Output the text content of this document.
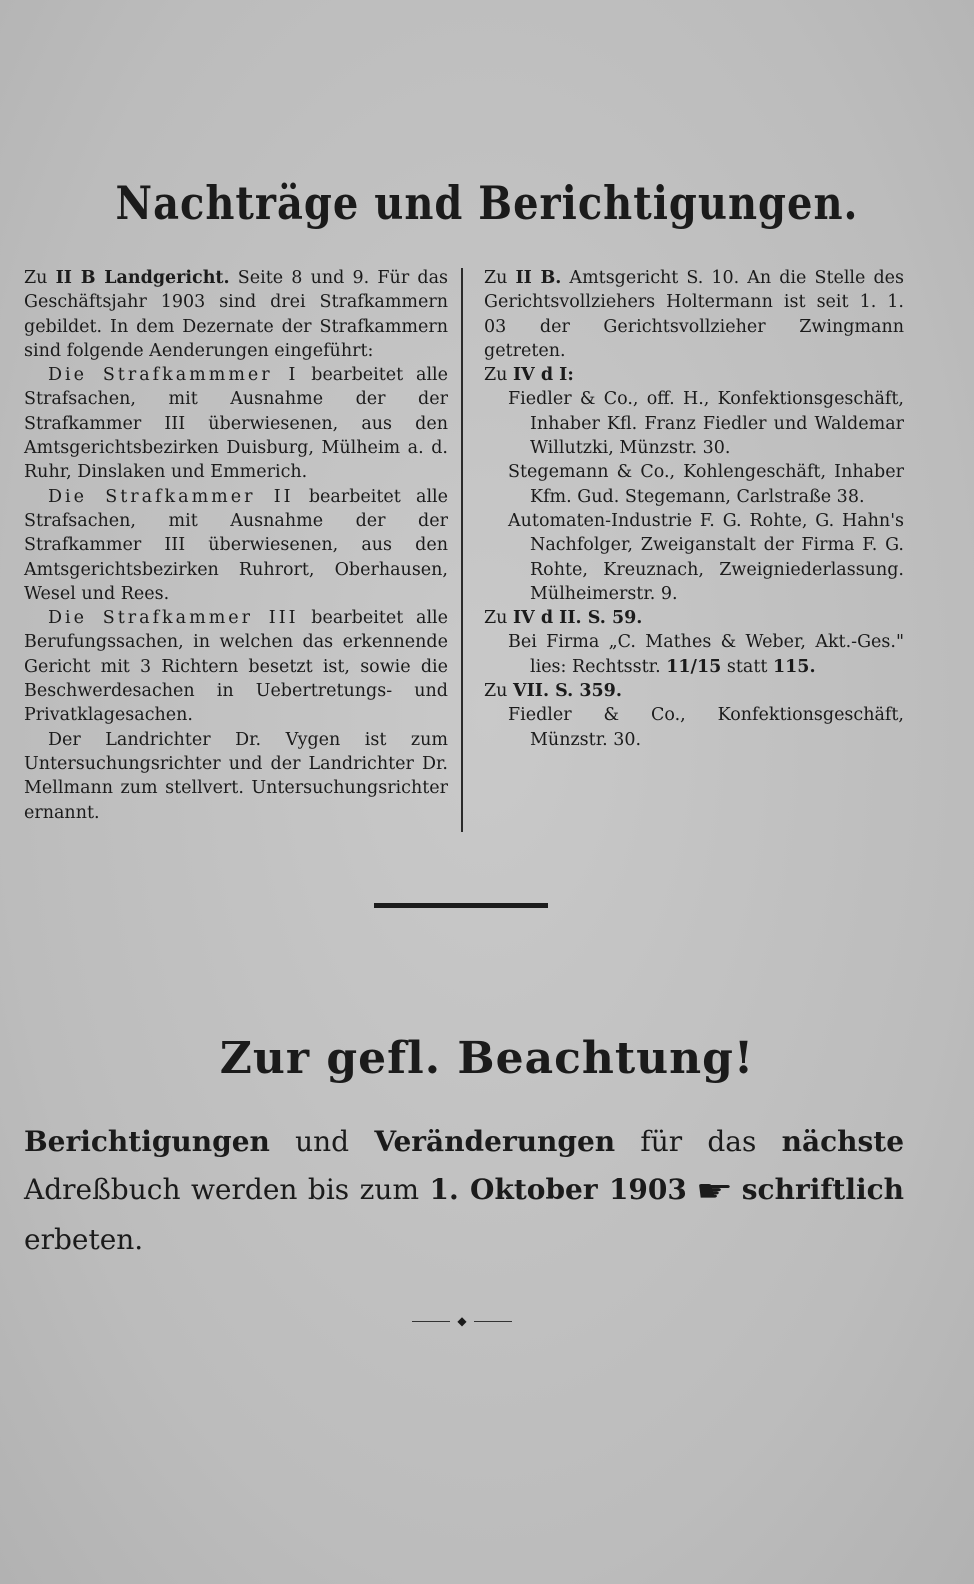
Nachträge und Berichtigungen.

Zu II B Landgericht. Seite 8 und 9. Für das Geschäftsjahr 1903 sind drei Strafkammern gebildet. In dem Dezernate der Strafkammern sind folgende Aenderungen eingeführt:

Die Strafkammmer I bearbeitet alle Strafsachen, mit Ausnahme der der Strafkammer III überwiesenen, aus den Amtsgerichtsbezirken Duisburg, Mülheim a. d. Ruhr, Dinslaken und Emmerich.

Die Strafkammer II bearbeitet alle Strafsachen, mit Ausnahme der der Strafkammer III überwiesenen, aus den Amtsgerichtsbezirken Ruhrort, Oberhausen, Wesel und Rees.

Die Strafkammer III bearbeitet alle Berufungssachen, in welchen das erkennende Gericht mit 3 Richtern besetzt ist, sowie die Beschwerdesachen in Uebertretungs- und Privatklagesachen.

Der Landrichter Dr. Vygen ist zum Untersuchungsrichter und der Landrichter Dr. Mellmann zum stellvert. Untersuchungsrichter ernannt.

Zu II B. Amtsgericht S. 10. An die Stelle des Gerichtsvollziehers Holtermann ist seit 1. 1. 03 der Gerichtsvollzieher Zwingmann getreten.

Zu IV d I:

Fiedler & Co., off. H., Konfektionsgeschäft, Inhaber Kfl. Franz Fiedler und Waldemar Willutzki, Münzstr. 30.

Stegemann & Co., Kohlengeschäft, Inhaber Kfm. Gud. Stegemann, Carlstraße 38.

Automaten-Industrie F. G. Rohte, G. Hahn's Nachfolger, Zweiganstalt der Firma F. G. Rohte, Kreuznach, Zweigniederlassung. Mülheimerstr. 9.

Zu IV d II. S. 59.

Bei Firma „C. Mathes & Weber, Akt.-Ges." lies: Rechtsstr. 11/15 statt 115.

Zu VII. S. 359.

Fiedler & Co., Konfektionsgeschäft, Münzstr. 30.

Zur gefl. Beachtung!
Berichtigungen und Veränderungen für das nächste Adreßbuch werden bis zum 1. Oktober 1903 ☛ schriftlich erbeten.
◆
